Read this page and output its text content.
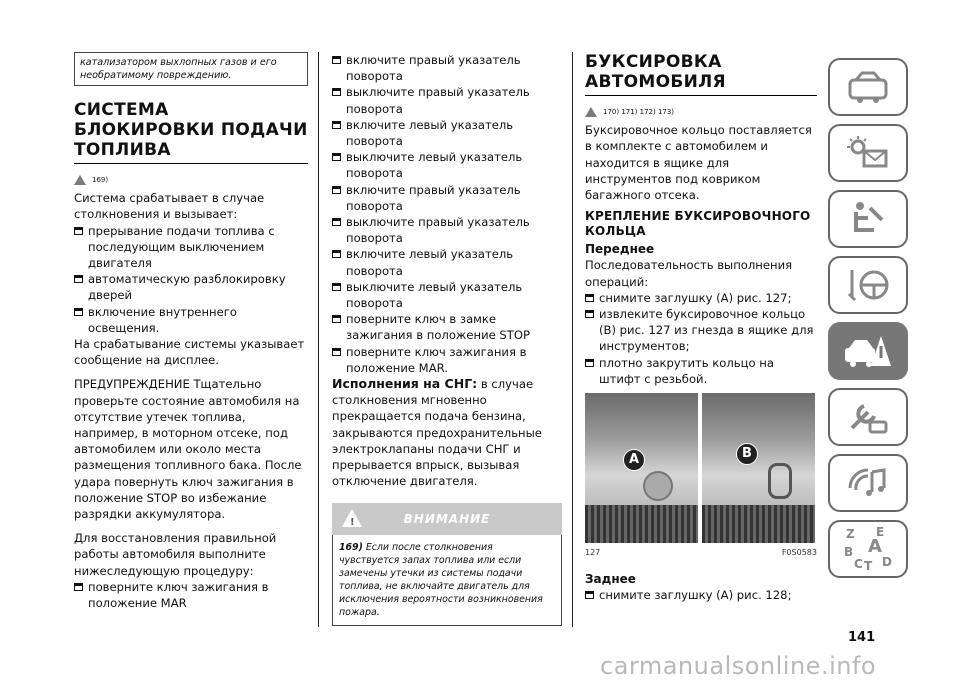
катализатором выхлопных газов и его необратимому повреждению.
СИСТЕМА БЛОКИРОВКИ ПОДАЧИ ТОПЛИВА
169)

Система срабатывает в случае столкновения и вызывает:

прерывание подачи топлива с последующим выключением двигателя
автоматическую разблокировку дверей
включение внутреннего освещения.

На срабатывание системы указывает сообщение на дисплее.

ПРЕДУПРЕЖДЕНИЕ Тщательно проверьте состояние автомобиля на отсутствие утечек топлива, например, в моторном отсеке, под автомобилем или около места размещения топливного бака. После удара повернуть ключ зажигания в положение STOP во избежание разрядки аккумулятора.

Для восстановления правильной работы автомобиля выполните нижеследующую процедуру:

поверните ключ зажигания в положение MAR
включите правый указатель поворота
выключите правый указатель поворота
включите левый указатель поворота
выключите левый указатель поворота
включите правый указатель поворота
выключите правый указатель поворота
включите левый указатель поворота
выключите левый указатель поворота
поверните ключ в замке зажигания в положение STOP
поверните ключ зажигания в положение MAR.

Исполнения на СНГ: в случае столкновения мгновенно прекращается подача бензина, закрываются предохранительные электроклапаны подачи СНГ и прерывается впрыск, вызывая отключение двигателя.

!	ВНИМАНИЕ
169) Если после столкновения чувствуется запах топлива или если замечены утечки из системы подачи топлива, не включайте двигатель для исключения вероятности возникновения пожара.
БУКСИРОВКА АВТОМОБИЛЯ
170) 171) 172) 173)

Буксировочное кольцо поставляется в комплекте с автомобилем и находится в ящике для инструментов под ковриком багажного отсека.

КРЕПЛЕНИЕ БУКСИРОВОЧНОГО КОЛЬЦА
Переднее

Последовательность выполнения операций:

снимите заглушку (A) рис. 127;
извлеките буксировочное кольцо (B) рис. 127 из гнезда в ящике для инструментов;
плотно закрутить кольцо на штифт с резьбой.
A	B
127	F0S0583
Заднее
снимите заглушку (A) рис. 128;
Z E
B A
C T D
141
carmanualsonline.info
